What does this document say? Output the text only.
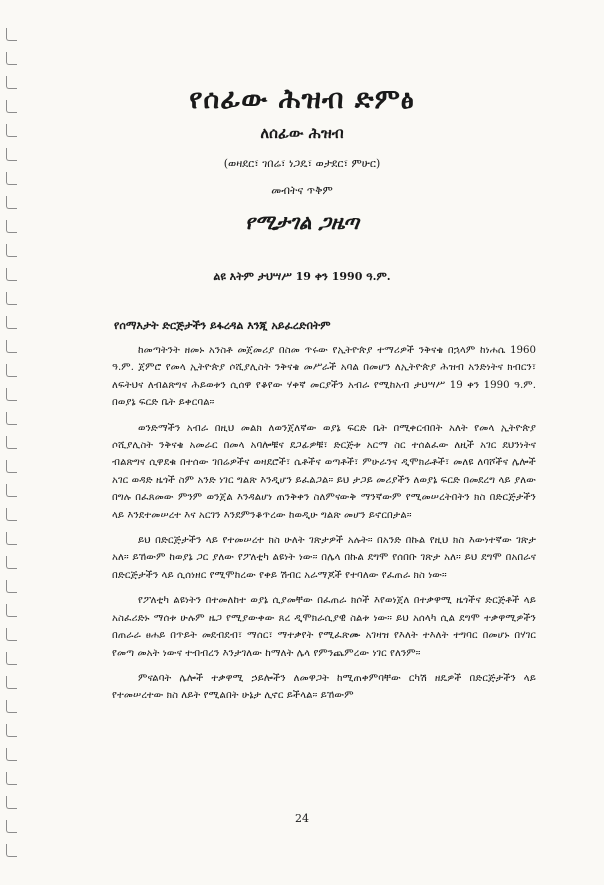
የሰፊው ሕዝብ ድምፅ
ለሰፊው ሕዝብ
(ወዛደር፣ ገበሬ፣ ነጋዴ፣ ወታደር፣ ምሁር)
መብትና ጥቅም
የሚታገል ጋዜጣ
ልዩ እትም ታህሣሥ 19 ቀን 1990 ዓ.ም.
የሰማእታት ድርጅታችን ይፋረዳል እንጂ አይፈረድበትም

ከመጣትንት ዘመኑ አንስቶ መጀመሪያ በስመ ጥሩው የኢትዮጵያ ተማሪዎች ንቅናቄ በኋላም ከነሐሴ 1960 ዓ.ም. ጀምሮ የመላ ኢትዮጵያ ሶሺያሊስት ንቅናቄ መሥራች አባል በመሆን ለኢትዮጵያ ሕዝብ አንድነትና ክብርን፣ ለፍትህና ለብልጽግና ሕይወቱን ሲሰዋ የቆየው ሃቀኛ መርያችን አብራ የሚከአብ ታህሣሥ 19 ቀን 1990 ዓ.ም. በወያኔ ፍርድ ቤት ይቀርባል።

ወንድማችን አብራ በዚህ መልክ ለወንጀለኛው ወያኔ ፍርድ ቤት በሚቀርብበት አለት የመላ ኢትዮጵያ ሶሺያሊስት ንቅናቄ አመራር በመላ አባሎቹና ደጋፊዎቹ፣ ድርጅቱ አርማ ስር ተሰልፈው ለዚች አገር ደህንነትና ብልጽግና ሲዋደቁ በተሰው ገበሬዎችና ወዛደሮች፣ ሴቶችና ወጣቶች፣ ምሁራንና ዲሞክራቶች፣ መለዩ ለባሾችና ሌሎች አገር ወዳድ ዜጎች ስም አንድ ነገር ግልጽ እንዲሆን ይፈልጋል። ይህ ታጋይ መሪያችን ለወያኔ ፍርድ በመደረግ ላይ ያለው በግሉ በፈጸመው ምንም ወንጀል እንዳልሆነ ጠንቅቀን ስለምናውቅ ማንኛውም የሚመሠረትበትን ክስ በድርጅታችን ላይ እንደተመሠረተ እና አርገን እንደምንቆጥረው ከወዲሁ ግልጽ መሆን ይኖርበታል።

ይህ በድርጅታችን ላይ የተመሠረተ ክስ ሁለት ገጽታዎች አሉት። በአንድ በኩል የዚህ ክስ እውነተኛው ገጽታ አለ። ይኸውም ከወያኔ ጋር ያለው የፖለቲካ ልዩነት ነው። በሌላ በኩል ደግሞ የሰበቡ ገጽታ አለ። ይህ ደግሞ በአበራና በድርጅታችን ላይ ሲሰነዘር የሚሞከረው የቀይ ሽብር አራማጆች የተባለው የፈጠራ ክስ ነው።

የፖለቲካ ልዩነትን በተመለከተ ወያኔ ሲያመቸው በፈጠራ ክሶች እየወነጀለ በተቃዋሚ ዜጎችና ድርጅቶች ላይ አስፈሪድኑ ማሰቱ ሁሉም ዜጋ የሚያውቀው ጸረ ዲሞክራሲያዊ ስልቱ ነው። ይህ አሰላካ ሲል ደግሞ ተቃዋሚዎችን በጠራራ ፀሐይ በጥይት መደብደብ፣ ማሰር፣ ማተቃየት የሚፈጽሙ አገዛዝ የእለት ተእለት ተግባር በመሆኑ በሃገር የመጣ መአት ነውና ተብብረን እንታገለው ከማለት ሌላ የምንጨምረው ነገር የለንም።

ምናልባት ሌሎች ተቃዋሚ ኃይሎችን ለመዋጋት ከሚጠቀምባቸው ርካሽ ዘዴዎች በድርጅታችን ላይ የተመሠረተው ክስ ለይት የሚልበት ሁኔታ ሊኖር ይችላል። ይኸውም

24
